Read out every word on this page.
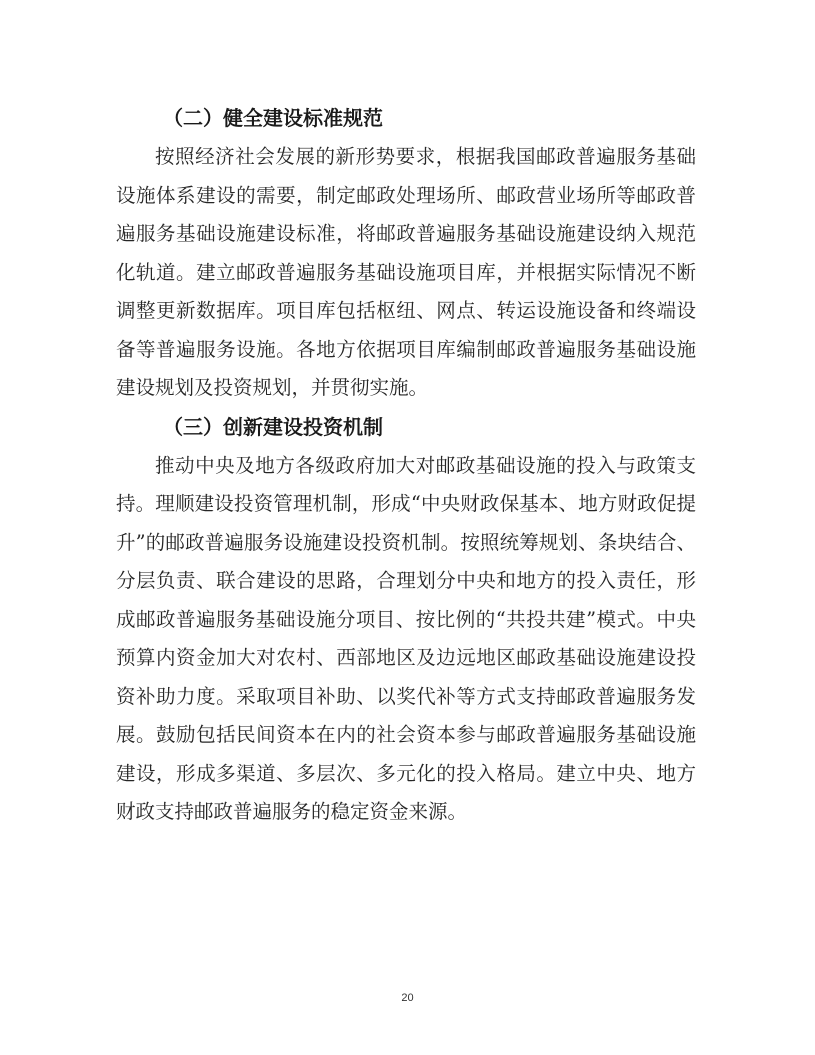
（二）健全建设标准规范

按照经济社会发展的新形势要求，根据我国邮政普遍服务基础设施体系建设的需要，制定邮政处理场所、邮政营业场所等邮政普遍服务基础设施建设标准，将邮政普遍服务基础设施建设纳入规范化轨道。建立邮政普遍服务基础设施项目库，并根据实际情况不断调整更新数据库。项目库包括枢纽、网点、转运设施设备和终端设备等普遍服务设施。各地方依据项目库编制邮政普遍服务基础设施建设规划及投资规划，并贯彻实施。

（三）创新建设投资机制

推动中央及地方各级政府加大对邮政基础设施的投入与政策支持。理顺建设投资管理机制，形成“中央财政保基本、地方财政促提升”的邮政普遍服务设施建设投资机制。按照统筹规划、条块结合、分层负责、联合建设的思路，合理划分中央和地方的投入责任，形成邮政普遍服务基础设施分项目、按比例的“共投共建”模式。中央预算内资金加大对农村、西部地区及边远地区邮政基础设施建设投资补助力度。采取项目补助、以奖代补等方式支持邮政普遍服务发展。鼓励包括民间资本在内的社会资本参与邮政普遍服务基础设施建设，形成多渠道、多层次、多元化的投入格局。建立中央、地方财政支持邮政普遍服务的稳定资金来源。

20
